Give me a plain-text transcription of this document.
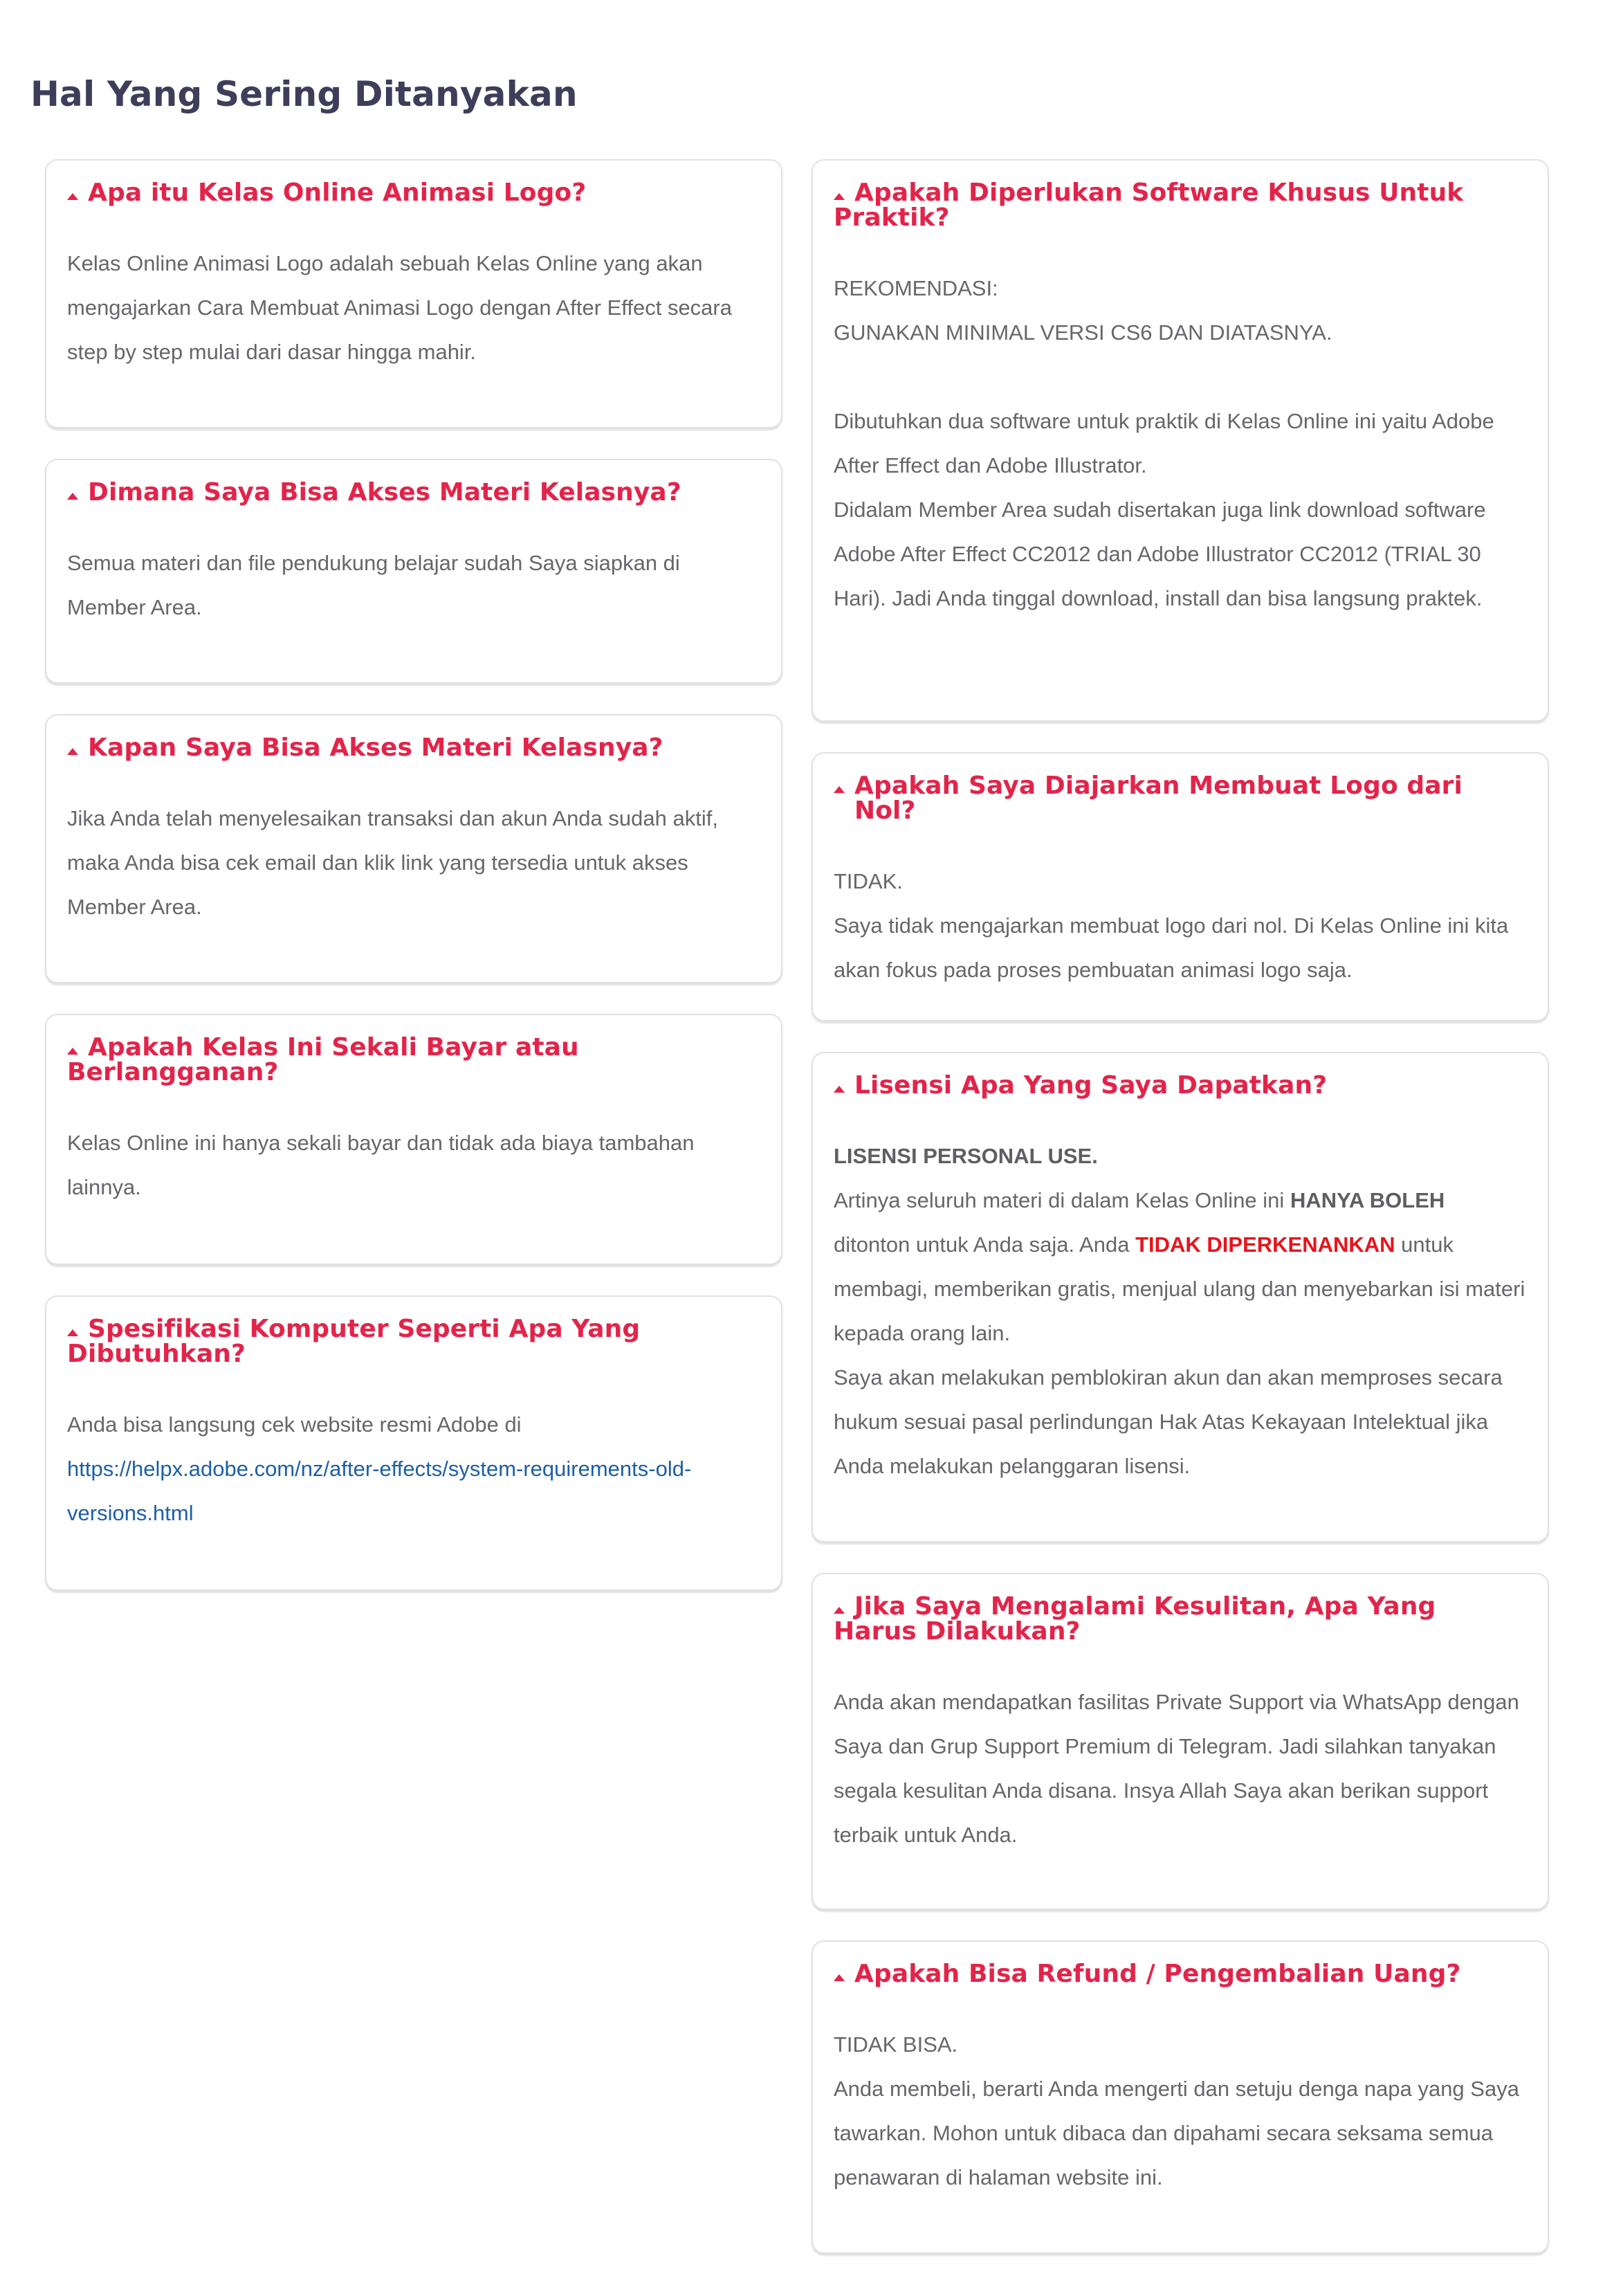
Hal Yang Sering Ditanyakan
Apa itu Kelas Online Animasi Logo?

Kelas Online Animasi Logo adalah sebuah Kelas Online yang akan mengajarkan Cara Membuat Animasi Logo dengan After Effect secara step by step mulai dari dasar hingga mahir.

Dimana Saya Bisa Akses Materi Kelasnya?

Semua materi dan file pendukung belajar sudah Saya siapkan di Member Area.

Kapan Saya Bisa Akses Materi Kelasnya?

Jika Anda telah menyelesaikan transaksi dan akun Anda sudah aktif, maka Anda bisa cek email dan klik link yang tersedia untuk akses Member Area.

Apakah Kelas Ini Sekali Bayar atau Berlangganan?

Kelas Online ini hanya sekali bayar dan tidak ada biaya tambahan lainnya.

Spesifikasi Komputer Seperti Apa Yang Dibutuhkan?

Anda bisa langsung cek website resmi Adobe di
https://helpx.adobe.com/nz/after-effects/system-requirements-old-versions.html

Apakah Diperlukan Software Khusus Untuk Praktik?

REKOMENDASI:

GUNAKAN MINIMAL VERSI CS6 DAN DIATASNYA.

Dibutuhkan dua software untuk praktik di Kelas Online ini yaitu Adobe After Effect dan Adobe Illustrator.

Didalam Member Area sudah disertakan juga link download software Adobe After Effect CC2012 dan Adobe Illustrator CC2012 (TRIAL 30 Hari). Jadi Anda tinggal download, install dan bisa langsung praktek.

Apakah Saya Diajarkan Membuat Logo dari Nol?

TIDAK.

Saya tidak mengajarkan membuat logo dari nol. Di Kelas Online ini kita akan fokus pada proses pembuatan animasi logo saja.

Lisensi Apa Yang Saya Dapatkan?

LISENSI PERSONAL USE.

Artinya seluruh materi di dalam Kelas Online ini HANYA BOLEH ditonton untuk Anda saja. Anda TIDAK DIPERKENANKAN untuk membagi, memberikan gratis, menjual ulang dan menyebarkan isi materi kepada orang lain.

Saya akan melakukan pemblokiran akun dan akan memproses secara hukum sesuai pasal perlindungan Hak Atas Kekayaan Intelektual jika Anda melakukan pelanggaran lisensi.

Jika Saya Mengalami Kesulitan, Apa Yang Harus Dilakukan?

Anda akan mendapatkan fasilitas Private Support via WhatsApp dengan Saya dan Grup Support Premium di Telegram. Jadi silahkan tanyakan segala kesulitan Anda disana. Insya Allah Saya akan berikan support terbaik untuk Anda.

Apakah Bisa Refund / Pengembalian Uang?

TIDAK BISA.

Anda membeli, berarti Anda mengerti dan setuju denga napa yang Saya tawarkan. Mohon untuk dibaca dan dipahami secara seksama semua penawaran di halaman website ini.
